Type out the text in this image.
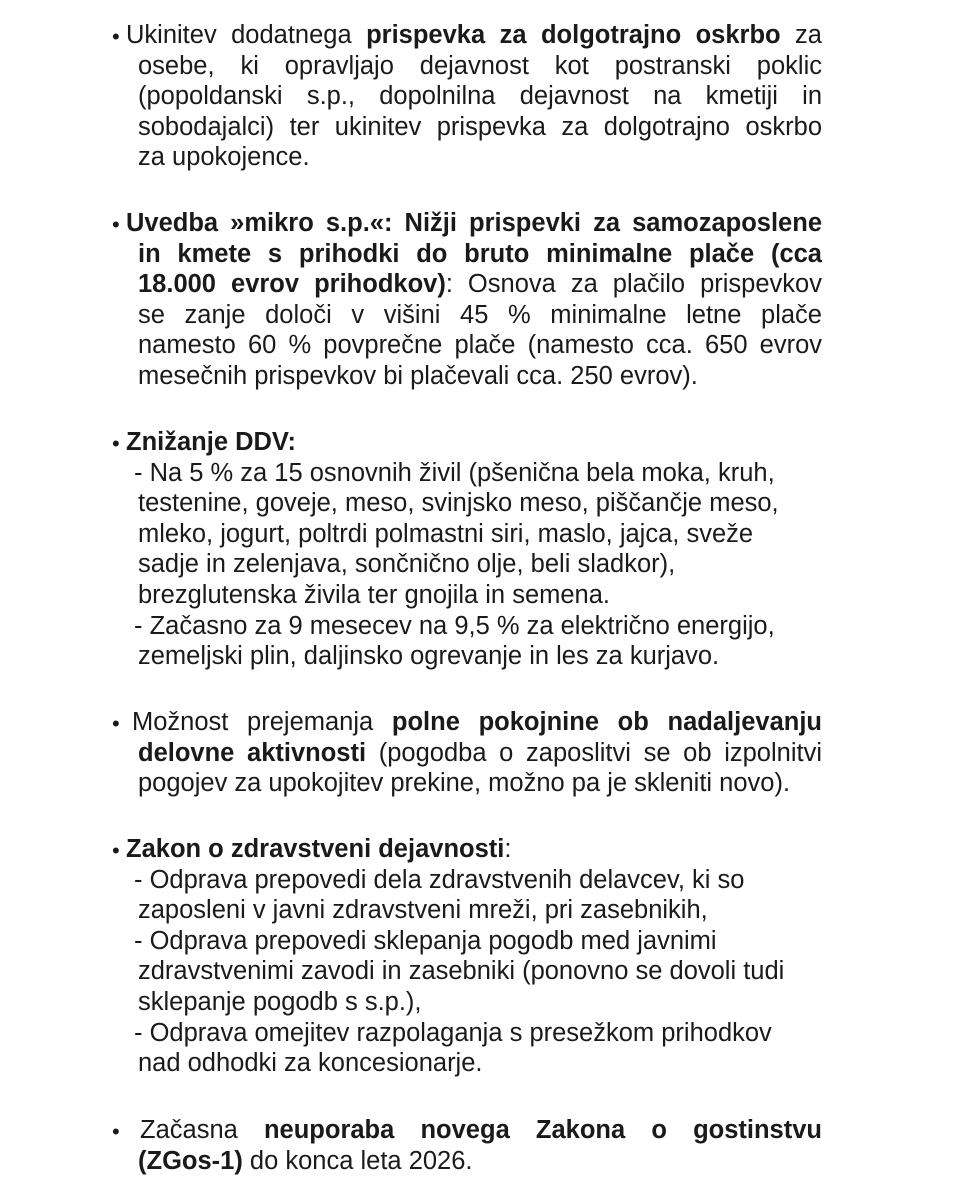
• Ukinitev dodatnega prispevka za dolgotrajno oskrbo za
osebe, ki opravljajo dejavnost kot postranski poklic
(popoldanski s.p., dopolnilna dejavnost na kmetiji in
sobodajalci) ter ukinitev prispevka za dolgotrajno oskrbo
za upokojence.
• Uvedba »mikro s.p.«: Nižji prispevki za samozaposlene
in kmete s prihodki do bruto minimalne plače (cca
18.000 evrov prihodkov): Osnova za plačilo prispevkov
se zanje določi v višini 45 % minimalne letne plače
namesto 60 % povprečne plače (namesto cca. 650 evrov
mesečnih prispevkov bi plačevali cca. 250 evrov).
• Znižanje DDV:
- Na 5 % za 15 osnovnih živil (pšenična bela moka, kruh,
testenine, goveje, meso, svinjsko meso, piščančje meso,
mleko, jogurt, poltrdi polmastni siri, maslo, jajca, sveže
sadje in zelenjava, sončnično olje, beli sladkor),
brezglutenska živila ter gnojila in semena.
- Začasno za 9 mesecev na 9,5 % za električno energijo,
zemeljski plin, daljinsko ogrevanje in les za kurjavo.
• Možnost prejemanja polne pokojnine ob nadaljevanju
delovne aktivnosti (pogodba o zaposlitvi se ob izpolnitvi
pogojev za upokojitev prekine, možno pa je skleniti novo).
• Zakon o zdravstveni dejavnosti:
- Odprava prepovedi dela zdravstvenih delavcev, ki so
zaposleni v javni zdravstveni mreži, pri zasebnikih,
- Odprava prepovedi sklepanja pogodb med javnimi
zdravstvenimi zavodi in zasebniki (ponovno se dovoli tudi
sklepanje pogodb s s.p.),
- Odprava omejitev razpolaganja s presežkom prihodkov
nad odhodki za koncesionarje.
• Začasna neuporaba novega Zakona o gostinstvu
(ZGos-1) do konca leta 2026.
